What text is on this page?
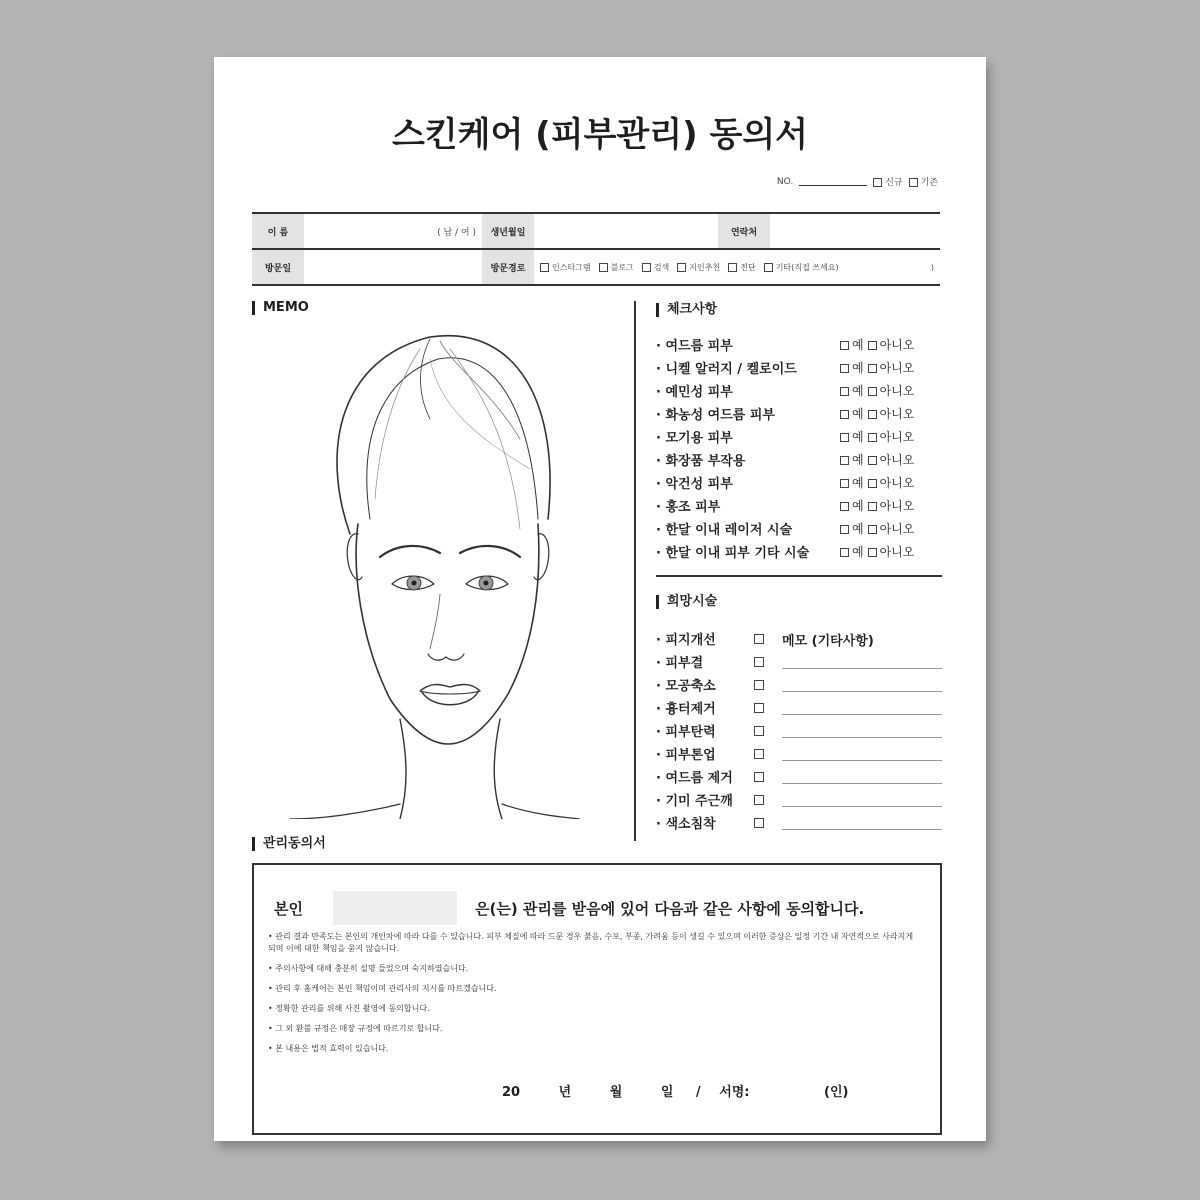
스킨케어 (피부관리) 동의서
NO.	신규	기존
이 름	( 남 / 여 )	생년월일	연락처
방문일	방문경로	인스타그램	블로그	검색	지인추천	전단	기타(직접 쓰세요)	)
MEMO	체크사항
· 여드름 피부	예	아니오
· 니켈 알러지 / 켈로이드	예	아니오
· 예민성 피부	예	아니오
· 화농성 여드름 피부	예	아니오
· 모기용 피부	예	아니오
· 화장품 부작용	예	아니오
· 악건성 피부	예	아니오
· 홍조 피부	예	아니오
· 한달 이내 레이저 시술	예	아니오
· 한달 이내 피부 기타 시술	예	아니오
희망시술
메모 (기타사항)
· 피지개선
· 피부결
· 모공축소
· 흉터제거
· 피부탄력
· 피부톤업
· 여드름 제거
· 기미 주근깨
· 색소침착
관리동의서
본인	은(는) 관리를 받음에 있어 다음과 같은 사항에 동의합니다.
• 관리 결과 만족도는 본인의 개인차에 따라 다를 수 있습니다. 피부 체질에 따라 드문 경우 붉음, 수포, 부종, 가려움 등이 생길 수 있으며 이러한 증상은 일정 기간 내 자연적으로 사라지게 되며 이에 대한 책임을 묻지 않습니다.
• 주의사항에 대해 충분히 설명 들었으며 숙지하였습니다.
• 관리 후 홈케어는 본인 책임이며 관리사의 지시를 따르겠습니다.
• 정확한 관리를 위해 사진 촬영에 동의합니다.
• 그 외 환불 규정은 매장 규정에 따르기로 합니다.
• 본 내용은 법적 효력이 있습니다.
20	년	월	일 / 서명:	(인)
